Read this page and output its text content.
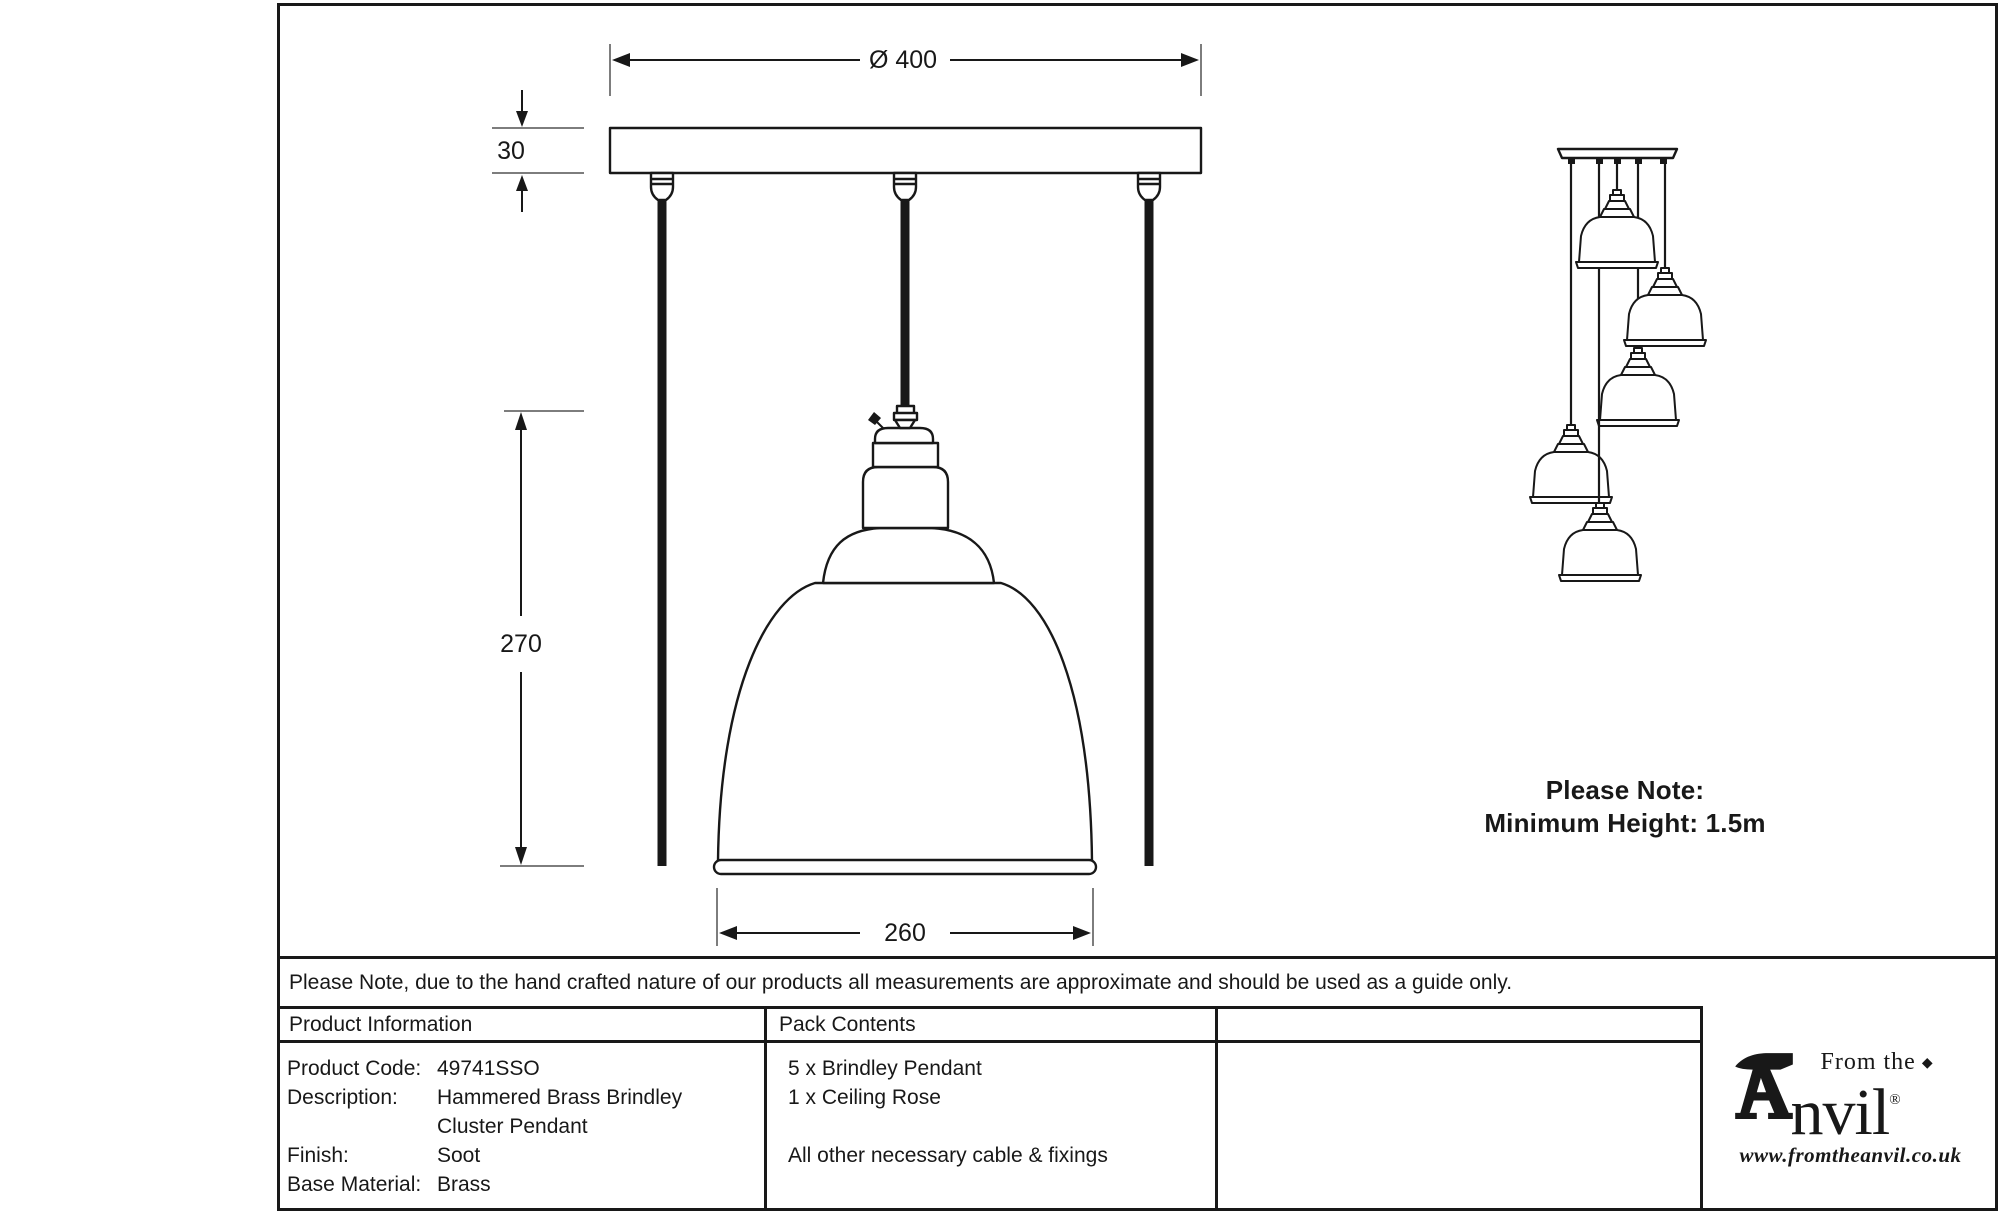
Ø 400
30
270
260
Please Note:
Minimum Height: 1.5m
Please Note, due to the hand crafted nature of our products all measurements are approximate and should be used as a guide only.
Product Information	Pack Contents
Product Code: 49741SSO
Description:	Hammered Brass Brindley
Cluster Pendant
Finish:	Soot
Base Material: Brass
5 x Brindley Pendant
1 x Ceiling Rose
All other necessary cable & fixings
From the ◆
nvil®
www.fromtheanvil.co.uk
